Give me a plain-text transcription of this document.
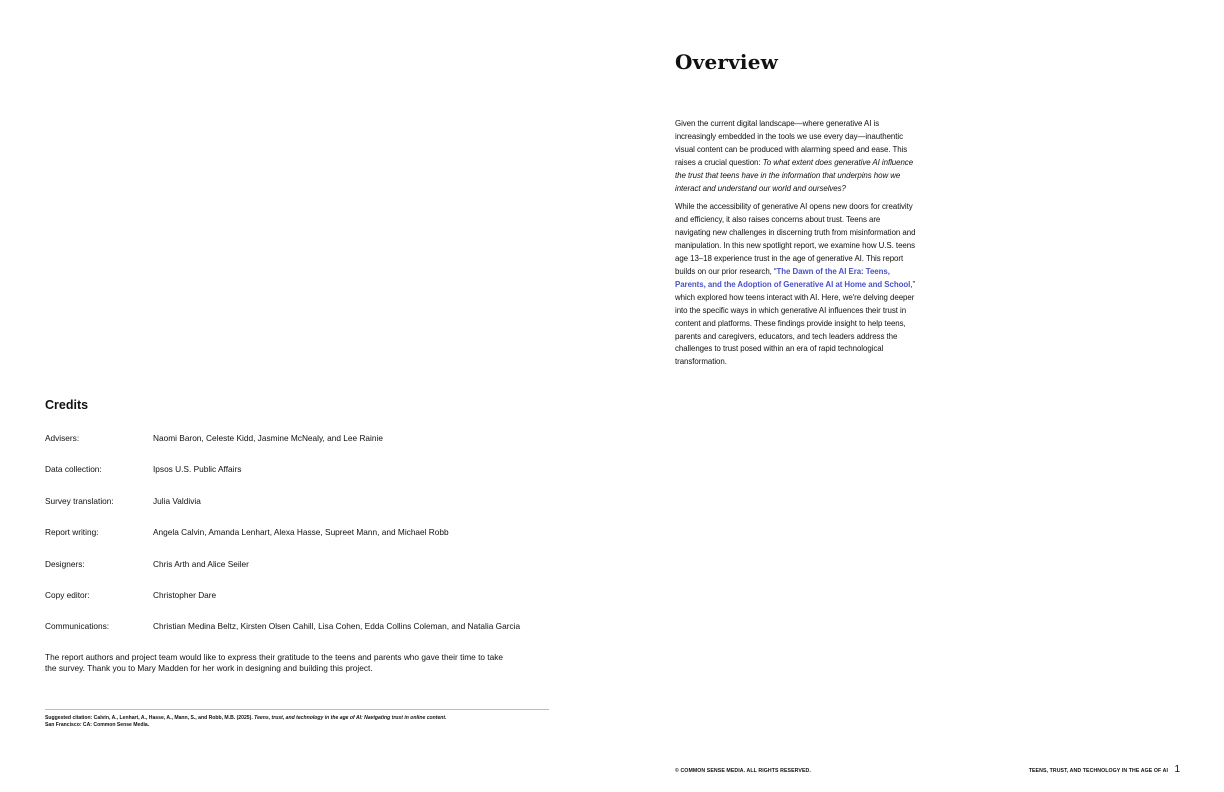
Credits
Advisers:	Naomi Baron, Celeste Kidd, Jasmine McNealy, and Lee Rainie
Data collection:	Ipsos U.S. Public Affairs
Survey translation:	Julia Valdivia
Report writing:	Angela Calvin, Amanda Lenhart, Alexa Hasse, Supreet Mann, and Michael Robb
Designers:	Chris Arth and Alice Seiler
Copy editor:	Christopher Dare
Communications:	Christian Medina Beltz, Kirsten Olsen Cahill, Lisa Cohen, Edda Collins Coleman, and Natalia Garcia

The report authors and project team would like to express their gratitude to the teens and parents who gave their time to take the survey. Thank you to Mary Madden for her work in designing and building this project.

Suggested citation: Calvin, A., Lenhart, A., Hasse, A., Mann, S., and Robb, M.B. (2025). Teens, trust, and technology in the age of AI: Navigating trust in online content.
San Francisco: CA: Common Sense Media.

Overview

Given the current digital landscape—where generative AI is increasingly embedded in the tools we use every day—inauthentic visual content can be produced with alarming speed and ease. This raises a crucial question: To what extent does generative AI influence the trust that teens have in the information that underpins how we interact and understand our world and ourselves?

While the accessibility of generative AI opens new doors for creativity and efficiency, it also raises concerns about trust. Teens are navigating new challenges in discerning truth from misinformation and manipulation. In this new spotlight report, we examine how U.S. teens age 13–18 experience trust in the age of generative AI. This report builds on our prior research, “The Dawn of the AI Era: Teens, Parents, and the Adoption of Generative AI at Home and School,” which explored how teens interact with AI. Here, we're delving deeper into the specific ways in which generative AI influences their trust in content and platforms. These findings provide insight to help teens, parents and caregivers, educators, and tech leaders address the challenges to trust posed within an era of rapid technological transformation.

© COMMON SENSE MEDIA. ALL RIGHTS RESERVED.	TEENS, TRUST, AND TECHNOLOGY IN THE AGE OF AI 1
